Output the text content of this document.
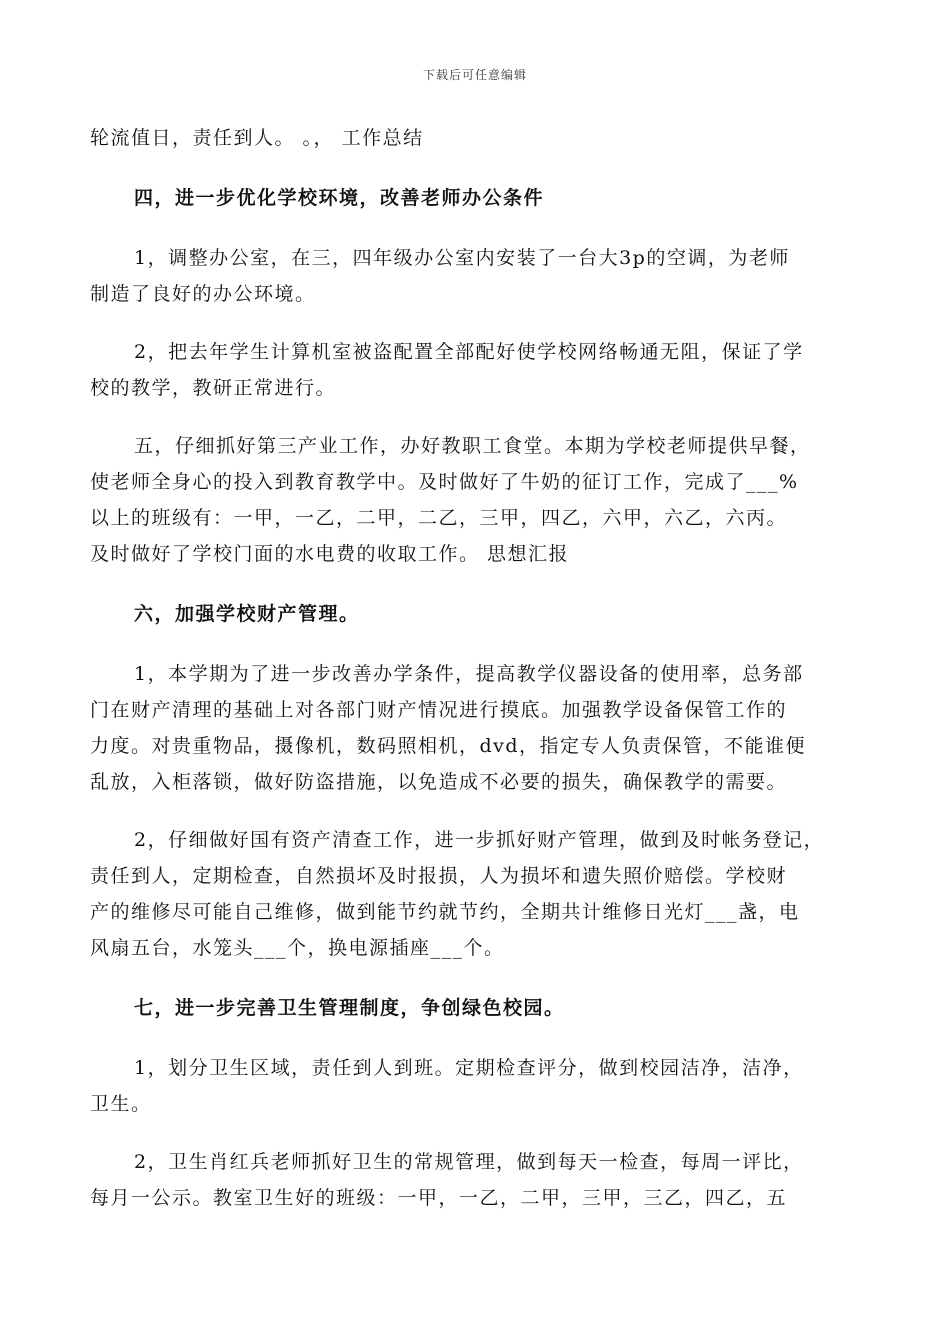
下载后可任意编辑
轮流值日，责任到人。 。， 工作总结
四，进一步优化学校环境，改善老师办公条件
1，调整办公室，在三，四年级办公室内安装了一台大3p的空调，为老师
制造了良好的办公环境。
2，把去年学生计算机室被盗配置全部配好使学校网络畅通无阻，保证了学
校的教学，教研正常进行。
五，仔细抓好第三产业工作，办好教职工食堂。本期为学校老师提供早餐，
使老师全身心的投入到教育教学中。及时做好了牛奶的征订工作，完成了___%
以上的班级有：一甲，一乙，二甲，二乙，三甲，四乙，六甲，六乙，六丙。
及时做好了学校门面的水电费的收取工作。 思想汇报
六，加强学校财产管理。
1，本学期为了进一步改善办学条件，提高教学仪器设备的使用率，总务部
门在财产清理的基础上对各部门财产情况进行摸底。加强教学设备保管工作的
力度。对贵重物品，摄像机，数码照相机，dvd，指定专人负责保管，不能谁便
乱放，入柜落锁，做好防盗措施，以免造成不必要的损失，确保教学的需要。
2，仔细做好国有资产清查工作，进一步抓好财产管理，做到及时帐务登记，
责任到人，定期检查，自然损坏及时报损，人为损坏和遗失照价赔偿。学校财
产的维修尽可能自己维修，做到能节约就节约，全期共计维修日光灯___盏，电
风扇五台，水笼头___个，换电源插座___个。
七，进一步完善卫生管理制度，争创绿色校园。
1，划分卫生区域，责任到人到班。定期检查评分，做到校园洁净，洁净，
卫生。
2，卫生肖红兵老师抓好卫生的常规管理，做到每天一检查，每周一评比，
每月一公示。教室卫生好的班级：一甲，一乙，二甲，三甲，三乙，四乙，五
